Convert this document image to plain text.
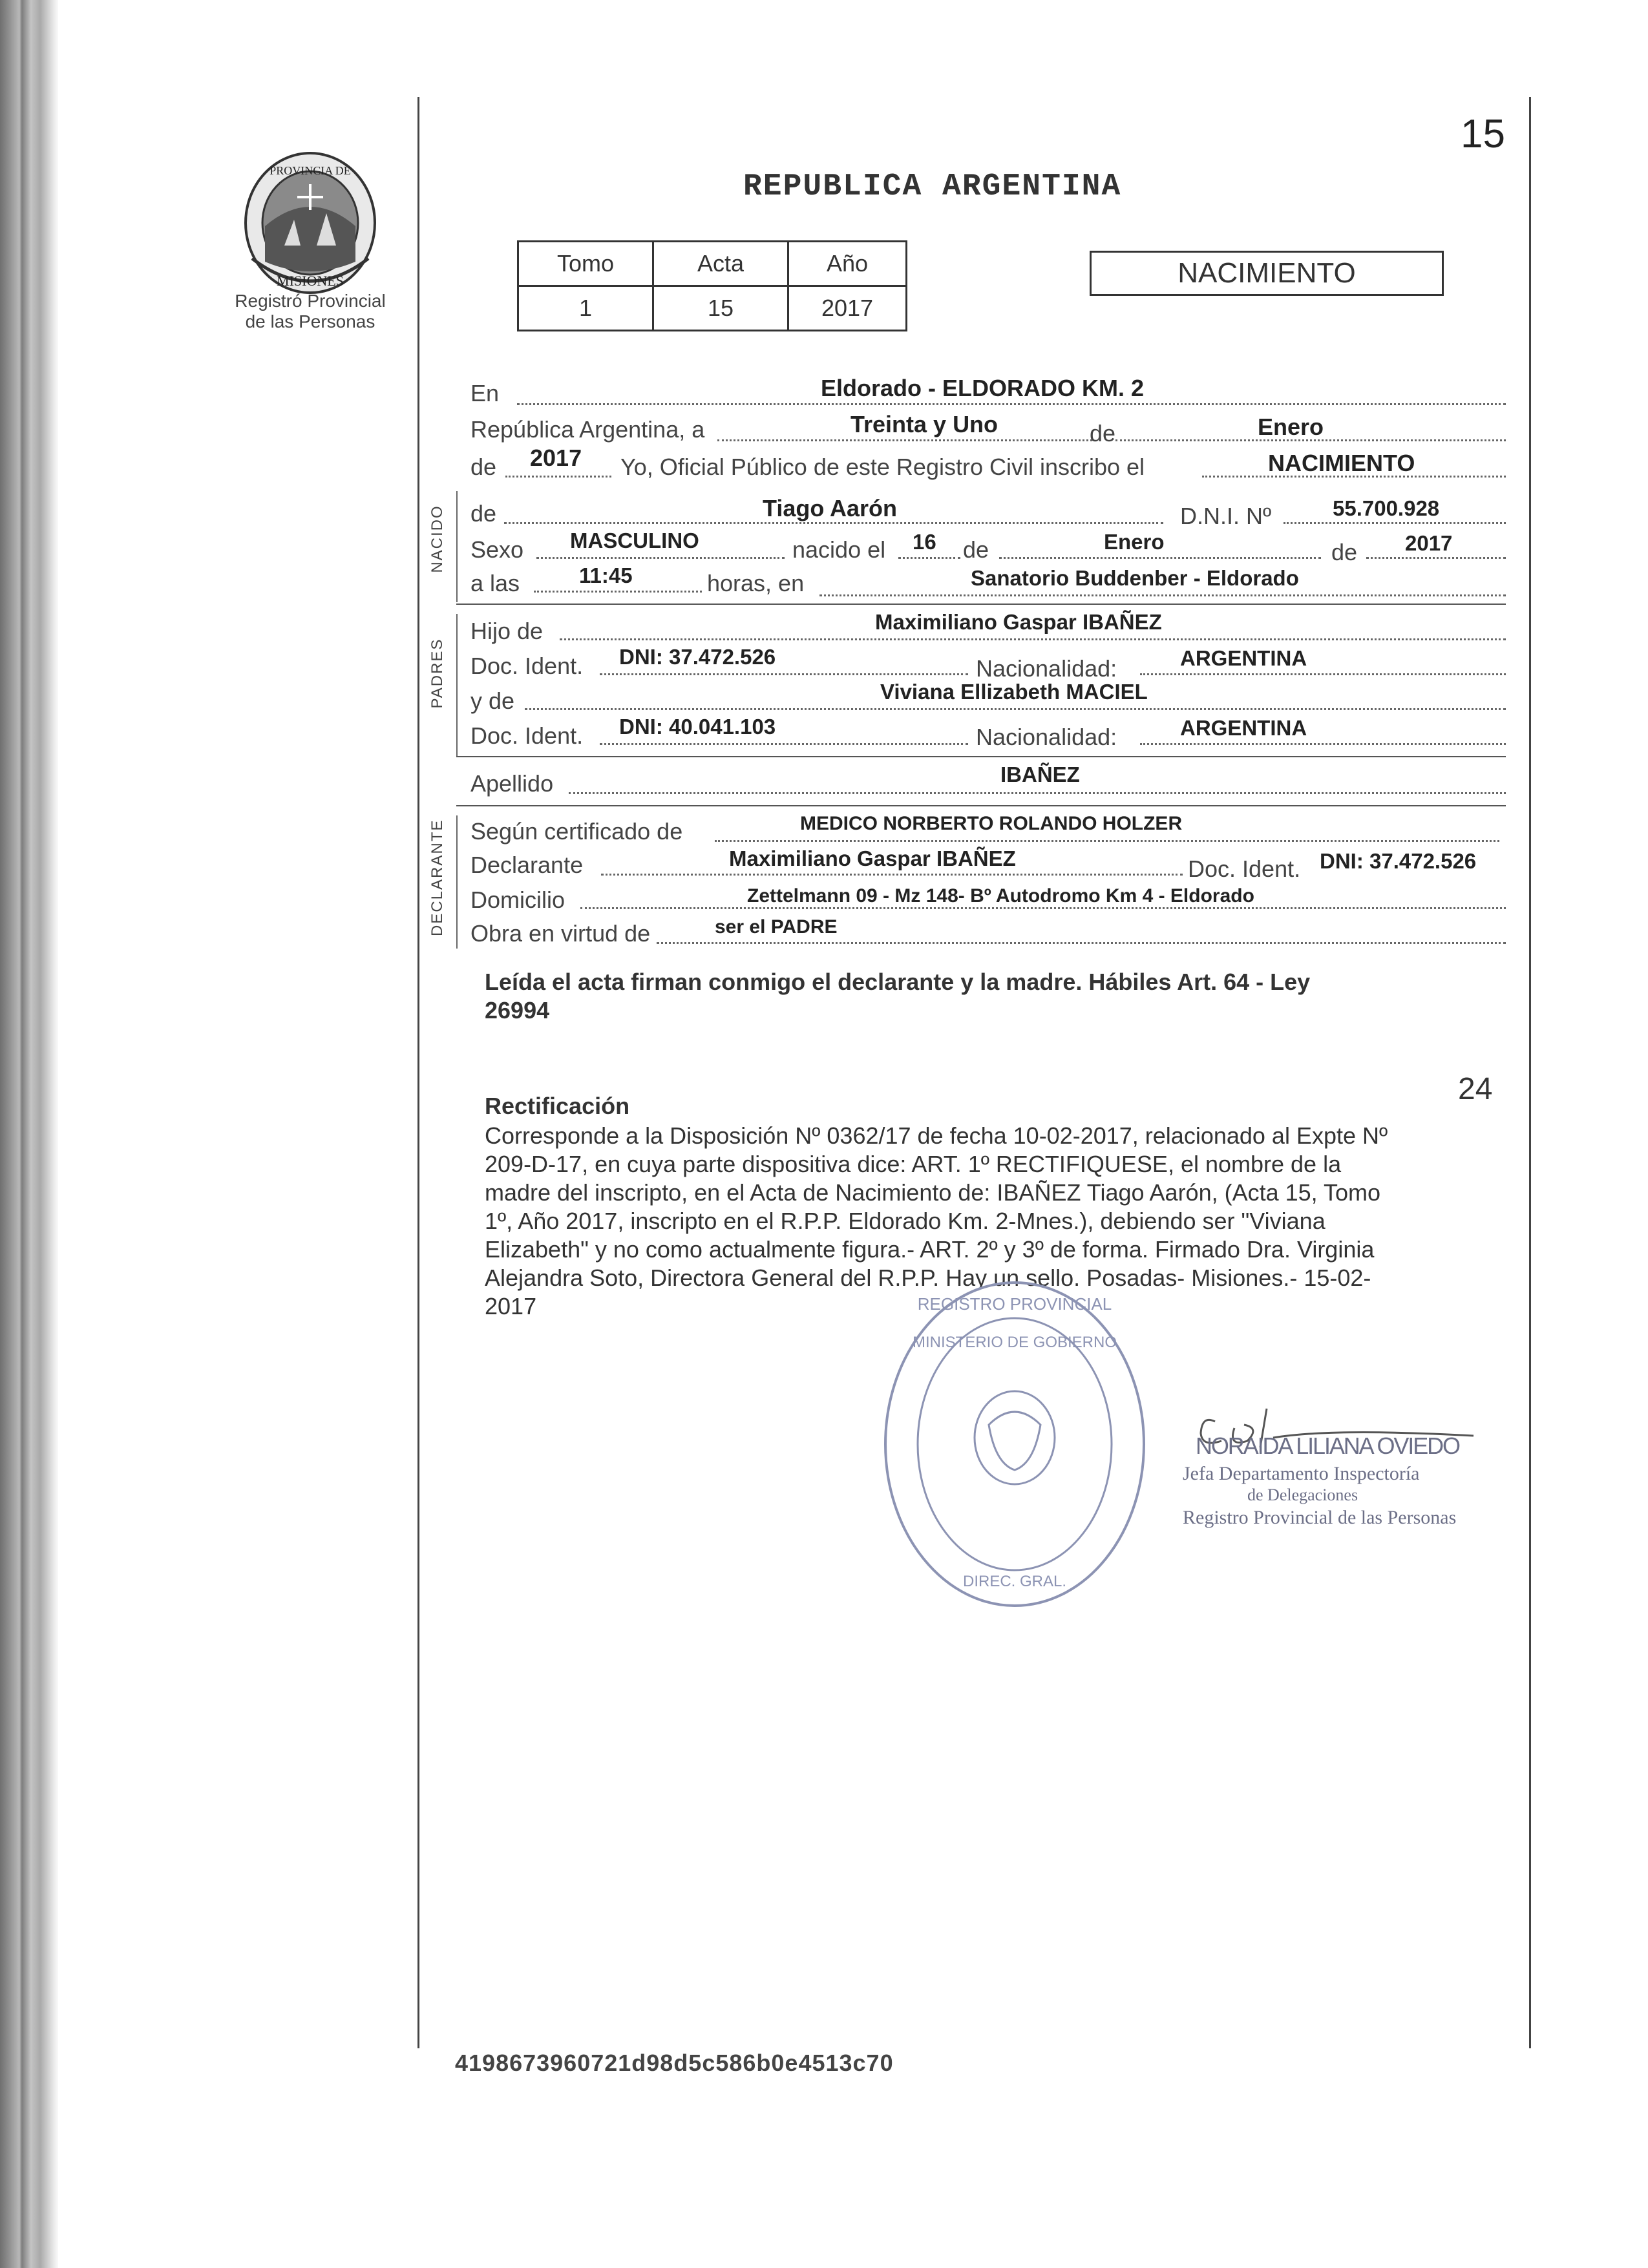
15
PROVINCIA DE
MISIONES
Registró Provincial
de las Personas
REPUBLICA ARGENTINA
Tomo	Acta	Año
1	15	2017
NACIMIENTO
En	Eldorado - ELDORADO KM. 2
República Argentina, a	Treinta y Uno	de	Enero
de 2017 Yo, Oficial Público de este Registro Civil inscribo el	NACIMIENTO
NACIDO de	Tiago Aarón	D.N.I. Nº	55.700.928
Sexo MASCULINO	nacido el 16 de	Enero	de 2017
a las	11:45	horas, en	Sanatorio Buddenber - Eldorado
PADRES
Hijo de	Maximiliano Gaspar IBAÑEZ
Doc. Ident. DNI: 37.472.526	Nacionalidad:	ARGENTINA
y de	Viviana Ellizabeth MACIEL
Doc. Ident. DNI: 40.041.103	Nacionalidad:	ARGENTINA
Apellido	IBAÑEZ
DECLARANTE Según certificado de	MEDICO NORBERTO ROLANDO HOLZER
Declarante	Maximiliano Gaspar IBAÑEZ	Doc. Ident. DNI: 37.472.526
Domicilio	Zettelmann 09 - Mz 148- Bº Autodromo Km 4 - Eldorado
Obra en virtud de	ser el PADRE
Leída el acta firman conmigo el declarante y la madre. Hábiles Art. 64 - Ley
26994
24
Rectificación
Corresponde a la Disposición Nº 0362/17 de fecha 10-02-2017, relacionado al Expte Nº
209-D-17, en cuya parte dispositiva dice: ART. 1º RECTIFIQUESE, el nombre de la
madre del inscripto, en el Acta de Nacimiento de: IBAÑEZ Tiago Aarón, (Acta 15, Tomo
1º, Año 2017, inscripto en el R.P.P. Eldorado Km. 2-Mnes.), debiendo ser "Viviana
Elizabeth" y no como actualmente figura.- ART. 2º y 3º de forma. Firmado Dra. Virginia
Alejandra Soto, Directora General del R.P.P. Hay un sello. Posadas- Misiones.- 15-02-
2017	REGISTRO PROVINCIAL
MINISTERIO DE GOBIERNO
DIREC. GRAL.
NORAIDA LILIANA OVIEDO
Jefa Departamento Inspectoría
de Delegaciones
Registro Provincial de las Personas
4198673960721d98d5c586b0e4513c70
